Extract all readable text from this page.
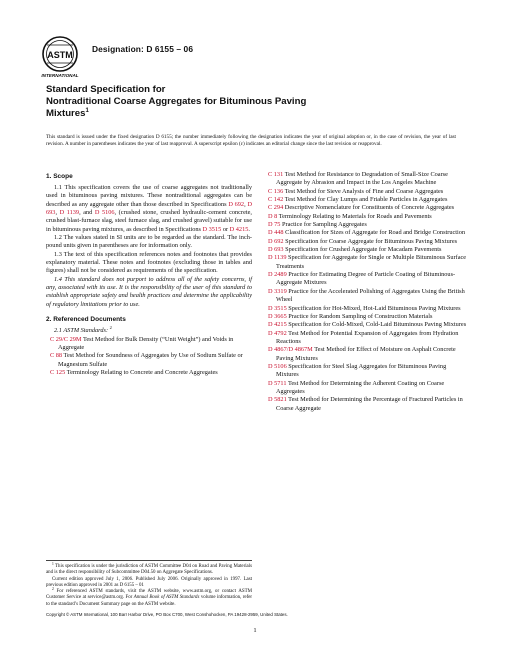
ASTM
INTERNATIONAL
Designation: D 6155 – 06
Standard Specification for
Nontraditional Coarse Aggregates for Bituminous Paving
Mixtures$^1$
This standard is issued under the fixed designation D 6155; the number immediately following the designation indicates the year of original adoption or, in the case of revision, the year of last revision. A number in parentheses indicates the year of last reapproval. A superscript epsilon (ε) indicates an editorial change since the last revision or reapproval.
1. Scope
1.1 This specification covers the use of coarse aggregates not traditionally used in bituminous paving mixtures. These nontraditional aggregates can be described as any aggregate other than those described in Specifications D 692, D 693, D 1139, and D 5106, (crushed stone, crushed hydraulic-cement concrete, crushed blast-furnace slag, steel furnace slag, and crushed gravel) suitable for use in bituminous paving mixtures, as described in Specifications D 3515 or D 4215.
1.2 The values stated in SI units are to be regarded as the standard. The inch-pound units given in parentheses are for information only.
1.3 The text of this specification references notes and footnotes that provides explanatory material. These notes and footnotes (excluding those in tables and figures) shall not be considered as requirements of the specification.
1.4 This standard does not purport to address all of the safety concerns, if any, associated with its use. It is the responsibility of the user of this standard to establish appropriate safety and health practices and determine the applicability of regulatory limitations prior to use.
2. Referenced Documents
2.1 ASTM Standards: $^2$
C 29/C 29M Test Method for Bulk Density (“Unit Weight”) and Voids in Aggregate
C 88 Test Method for Soundness of Aggregates by Use of Sodium Sulfate or Magnesium Sulfate
C 125 Terminology Relating to Concrete and Concrete Aggregates
C 131 Test Method for Resistance to Degradation of Small-Size Coarse Aggregate by Abrasion and Impact in the Los Angeles Machine
C 136 Test Method for Sieve Analysis of Fine and Coarse Aggregates
C 142 Test Method for Clay Lumps and Friable Particles in Aggregates
C 294 Descriptive Nomenclature for Constituents of Concrete Aggregates
D 8 Terminology Relating to Materials for Roads and Pavements
D 75 Practice for Sampling Aggregates
D 448 Classification for Sizes of Aggregate for Road and Bridge Construction
D 692 Specification for Coarse Aggregate for Bituminous Paving Mixtures
D 693 Specification for Crushed Aggregate for Macadam Pavements
D 1139 Specification for Aggregate for Single or Multiple Bituminous Surface Treatments
D 2489 Practice for Estimating Degree of Particle Coating of Bituminous-Aggregate Mixtures
D 3319 Practice for the Accelerated Polishing of Aggregates Using the British Wheel
D 3515 Specification for Hot-Mixed, Hot-Laid Bituminous Paving Mixtures
D 3665 Practice for Random Sampling of Construction Materials
D 4215 Specification for Cold-Mixed, Cold-Laid Bituminous Paving Mixtures
D 4792 Test Method for Potential Expansion of Aggregates from Hydration Reactions
D 4867/D 4867M Test Method for Effect of Moisture on Asphalt Concrete Paving Mixtures
D 5106 Specification for Steel Slag Aggregates for Bituminous Paving Mixtures
D 5711 Test Method for Determining the Adherent Coating on Coarse Aggregates
D 5821 Test Method for Determining the Percentage of Fractured Particles in Coarse Aggregate
$^1$ This specification is under the jurisdiction of ASTM Committee D04 on Road and Paving Materials and is the direct responsibility of Subcommittee D04.50 on Aggregate Specifications.
Current edition approved July 1, 2006. Published July 2006. Originally approved in 1997. Last previous edition approved in 2001 as D 6155 – 01
$^2$ For referenced ASTM standards, visit the ASTM website, www.astm.org, or contact ASTM Customer Service at service@astm.org. For Annual Book of ASTM Standards volume information, refer to the standard’s Document Summary page on the ASTM website.
Copyright © ASTM International, 100 Barr Harbor Drive, PO Box C700, West Conshohocken, PA 19428-2959, United States.
1
